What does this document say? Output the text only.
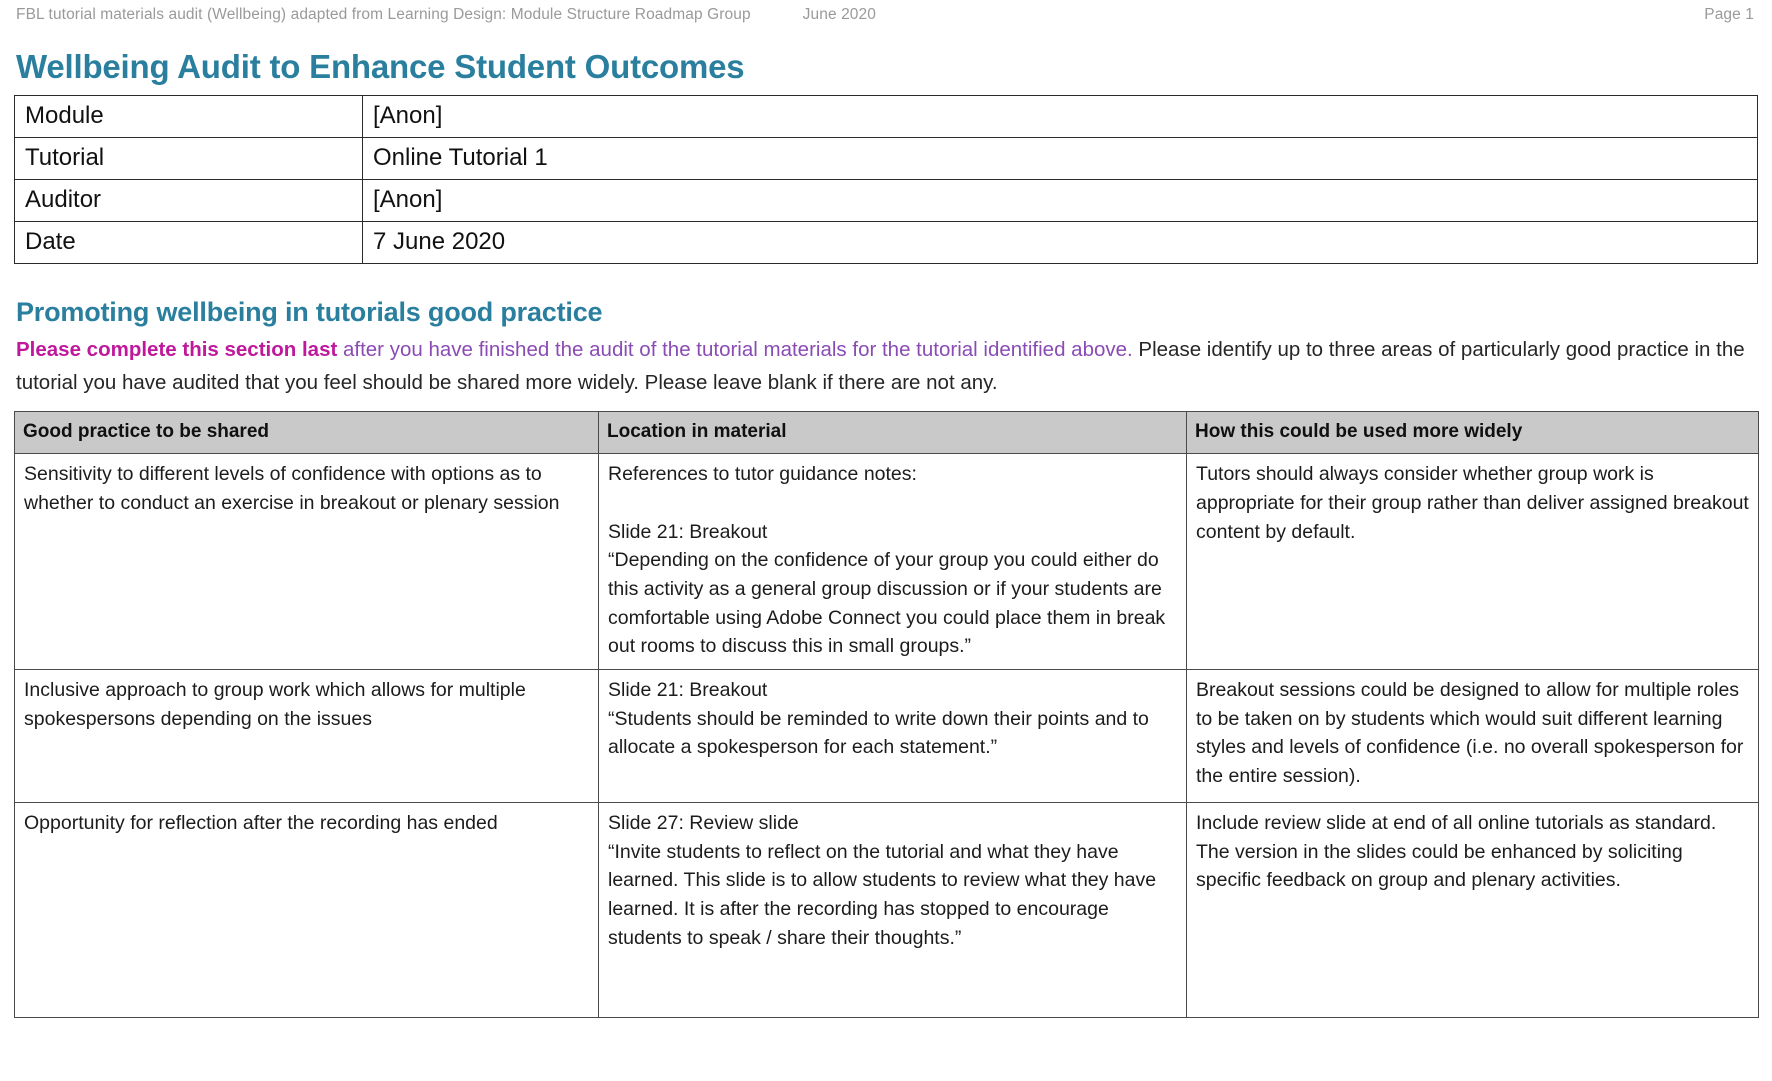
FBL tutorial materials audit (Wellbeing) adapted from Learning Design: Module Structure Roadmap Group	June 2020	Page 1
Wellbeing Audit to Enhance Student Outcomes
Module	[Anon]
Tutorial	Online Tutorial 1
Auditor	[Anon]
Date	7 June 2020
Promoting wellbeing in tutorials good practice

Please complete this section last after you have finished the audit of the tutorial materials for the tutorial identified above. Please identify up to three areas of particularly good practice in the tutorial you have audited that you feel should be shared more widely. Please leave blank if there are not any.

Good practice to be shared	Location in material	How this could be used more widely
Sensitivity to different levels of confidence with options as to whether to conduct an exercise in breakout or plenary session	References to tutor guidance notes:
Slide 21: Breakout
“Depending on the confidence of your group you could either do this activity as a general group discussion or if your students are comfortable using Adobe Connect you could place them in break out rooms to discuss this in small groups.”	Tutors should always consider whether group work is appropriate for their group rather than deliver assigned breakout content by default.
Inclusive approach to group work which allows for multiple spokespersons depending on the issues	Slide 21: Breakout
“Students should be reminded to write down their points and to allocate a spokesperson for each statement.”	Breakout sessions could be designed to allow for multiple roles to be taken on by students which would suit different learning styles and levels of confidence (i.e. no overall spokesperson for the entire session).
Opportunity for reflection after the recording has ended	Slide 27: Review slide
“Invite students to reflect on the tutorial and what they have learned. This slide is to allow students to review what they have learned. It is after the recording has stopped to encourage students to speak / share their thoughts.”	Include review slide at end of all online tutorials as standard. The version in the slides could be enhanced by soliciting specific feedback on group and plenary activities.
